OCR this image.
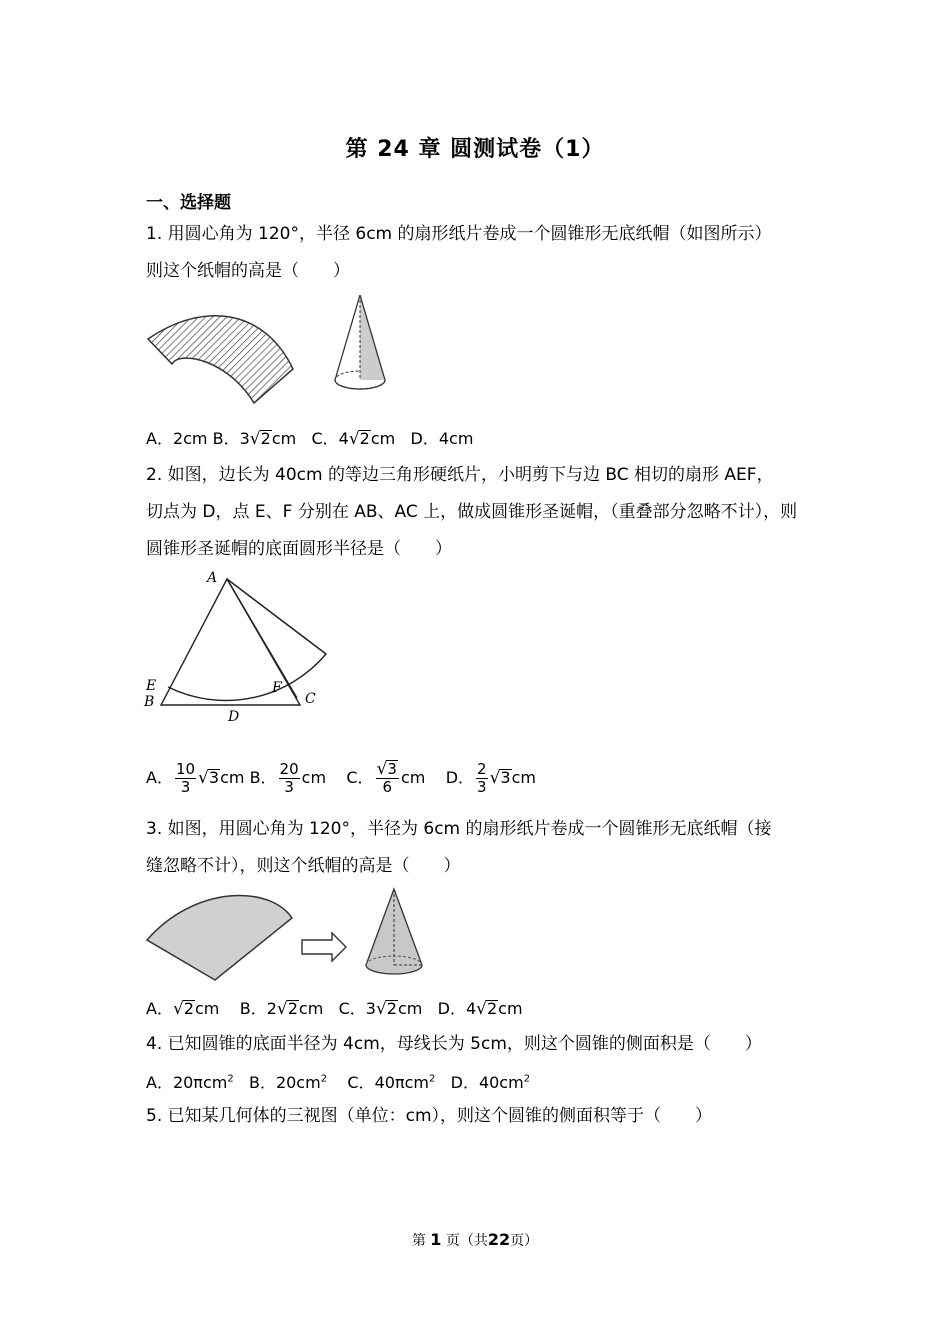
第 24 章 圆测试卷（1）
一、选择题
1. 用圆心角为 120°，半径 6cm 的扇形纸片卷成一个圆锥形无底纸帽（如图所示）
则这个纸帽的高是（　　）
A．2cm B．3√2cm C．4√2cm D．4cm
2. 如图，边长为 40cm 的等边三角形硬纸片，小明剪下与边 BC 相切的扇形 AEF，
切点为 D，点 E、F 分别在 AB、AC 上，做成圆锥形圣诞帽，（重叠部分忽略不计），则
圆锥形圣诞帽的底面圆形半径是（　　）
A
E
B
F
C
D
A． $\frac{10}{3} √3cm$ B． $\frac{20}{3}$ cm C． $\frac{√3}{6}$ cm D． $\frac{2}{3} √3cm$
3. 如图，用圆心角为 120°，半径为 6cm 的扇形纸片卷成一个圆锥形无底纸帽（接
缝忽略不计），则这个纸帽的高是（　　）
A．√2cm B．2√2cm C．3√2cm D．4√2cm
4. 已知圆锥的底面半径为 4cm，母线长为 5cm，则这个圆锥的侧面积是（　　）
A．20πcm$^2$ B．$20cm^2$ C．40πcm$^2$ D．$40cm^2$
5. 已知某几何体的三视图（单位：cm），则这个圆锥的侧面积等于（　　）
第 1 页（共22页）
